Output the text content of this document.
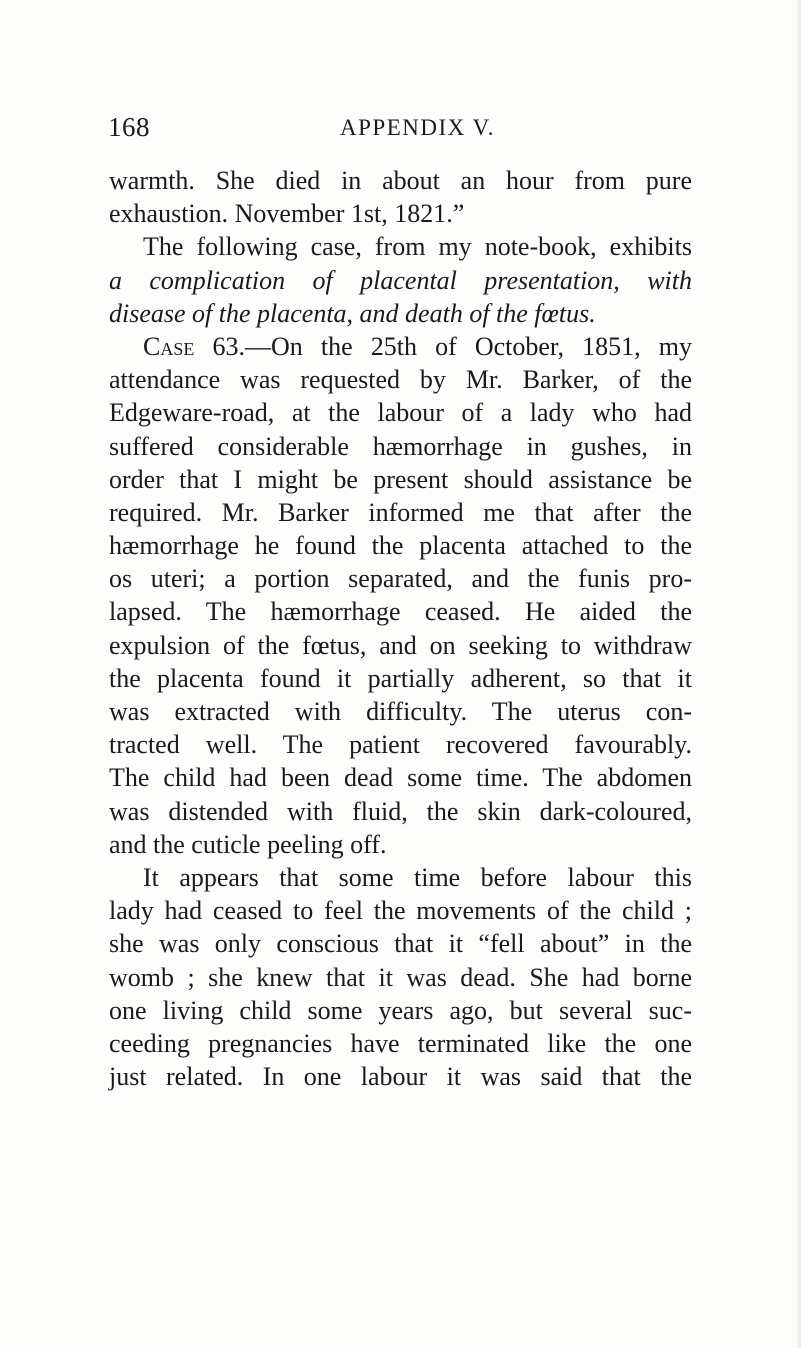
168	APPENDIX V.
warmth. She died in about an hour from pure
exhaustion. November 1st, 1821.”
The following case, from my note-book, exhibits
a complication of placental presentation, with
disease of the placenta, and death of the fœtus.
Case 63.—On the 25th of October, 1851, my
attendance was requested by Mr. Barker, of the
Edgeware-road, at the labour of a lady who had
suffered considerable hæmorrhage in gushes, in
order that I might be present should assistance be
required. Mr. Barker informed me that after the
hæmorrhage he found the placenta attached to the
os uteri; a portion separated, and the funis pro-
lapsed. The hæmorrhage ceased. He aided the
expulsion of the fœtus, and on seeking to withdraw
the placenta found it partially adherent, so that it
was extracted with difficulty. The uterus con-
tracted well. The patient recovered favourably.
The child had been dead some time. The abdomen
was distended with fluid, the skin dark-coloured,
and the cuticle peeling off.
It appears that some time before labour this
lady had ceased to feel the movements of the child ;
she was only conscious that it “fell about” in the
womb ; she knew that it was dead. She had borne
one living child some years ago, but several suc-
ceeding pregnancies have terminated like the one
just related. In one labour it was said that the
